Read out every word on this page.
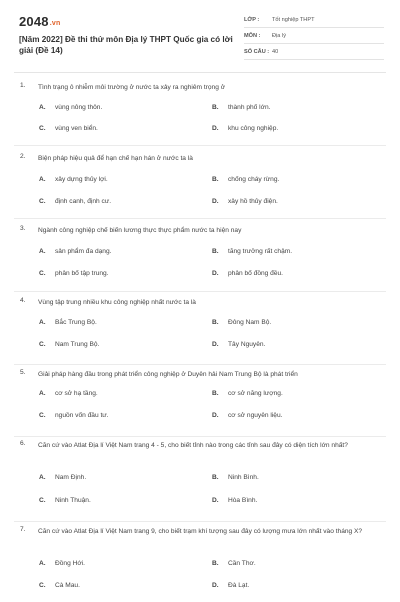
2048.vn
[Năm 2022] Đề thi thử môn Địa lý THPT Quốc gia có lời giải (Đề 14)
LỚP :	Tốt nghiệp THPT
MÔN :	Địa lý
SỐ CÂU : 40
1. Tình trạng ô nhiễm môi trường ở nước ta xảy ra nghiêm trọng ở
A. vùng nông thôn.	B. thành phố lớn.
C. vùng ven biển.	D. khu công nghiệp.
2. Biện pháp hiệu quả để hạn chế hạn hán ở nước ta là
A. xây dựng thủy lợi.	B. chống cháy rừng.
C. định canh, định cư.	D. xây hồ thủy điện.
3. Ngành công nghiệp chế biến lương thực thực phẩm nước ta hiện nay
A. sản phẩm đa dạng.	B. tăng trưởng rất chậm.
C. phân bố tập trung.	D. phân bố đồng đều.
4. Vùng tập trung nhiều khu công nghiệp nhất nước ta là
A. Bắc Trung Bộ.	B. Đông Nam Bộ.
C. Nam Trung Bộ.	D. Tây Nguyên.
5. Giải pháp hàng đầu trong phát triển công nghiệp ở Duyên hải Nam Trung Bộ là phát triển
A. cơ sở hạ tầng.	B. cơ sở năng lượng.
C. nguồn vốn đầu tư.	D. cơ sở nguyên liệu.
6. Căn cứ vào Atlat Địa lí Việt Nam trang 4 - 5, cho biết tỉnh nào trong các tỉnh sau đây có diện tích lớn nhất?
A. Nam Định.	B. Ninh Bình.
C. Ninh Thuận.	D. Hòa Bình.
7. Căn cứ vào Atlat Địa lí Việt Nam trang 9, cho biết trạm khí tượng sau đây có lượng mưa lớn nhất vào tháng X?
A. Đồng Hới.	B. Cần Thơ.
C. Cà Mau.	D. Đà Lạt.
